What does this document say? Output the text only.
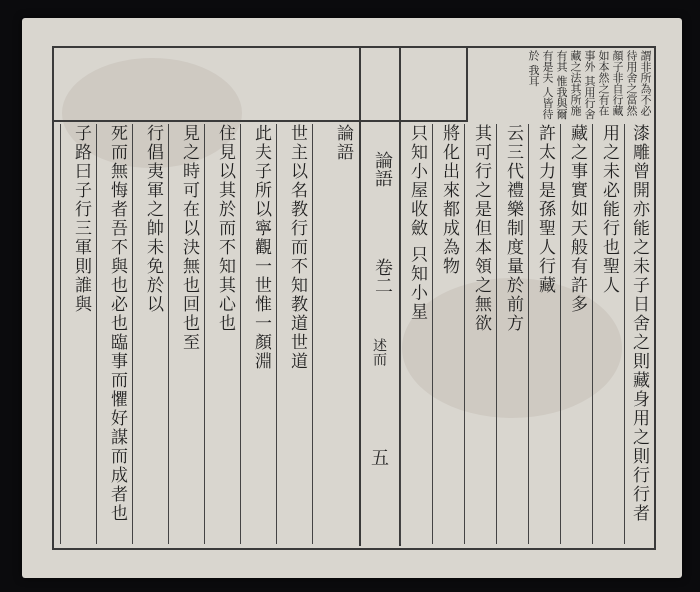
謂非所為不必待用舍之當然 顏子非自行藏如本然之有在事外 其用行舍藏之法其所施有其 惟我與爾有是夫 人皆待於 我耳
論語
卷二
述而
五
子路曰子行三軍則誰與 死而無悔者吾不與也必也臨事而懼好謀而成者也 行倡夷軍之帥未免於以 見之時可在以決無也回也至 住見以其於而不知其心也 此夫子所以寧觀一世惟一顏淵 世主以名教行而不知教道世道	論語	只知小屋收斂 只知小星 將化出來都成為物 其可行之是但本領之無欲 云三代禮樂制度量於前方 許太力是孫聖人行藏 藏之事實如天般有許多 用之未必能行也聖人 漆雕曾開亦能之未子日舍之則藏身用之則行行者
